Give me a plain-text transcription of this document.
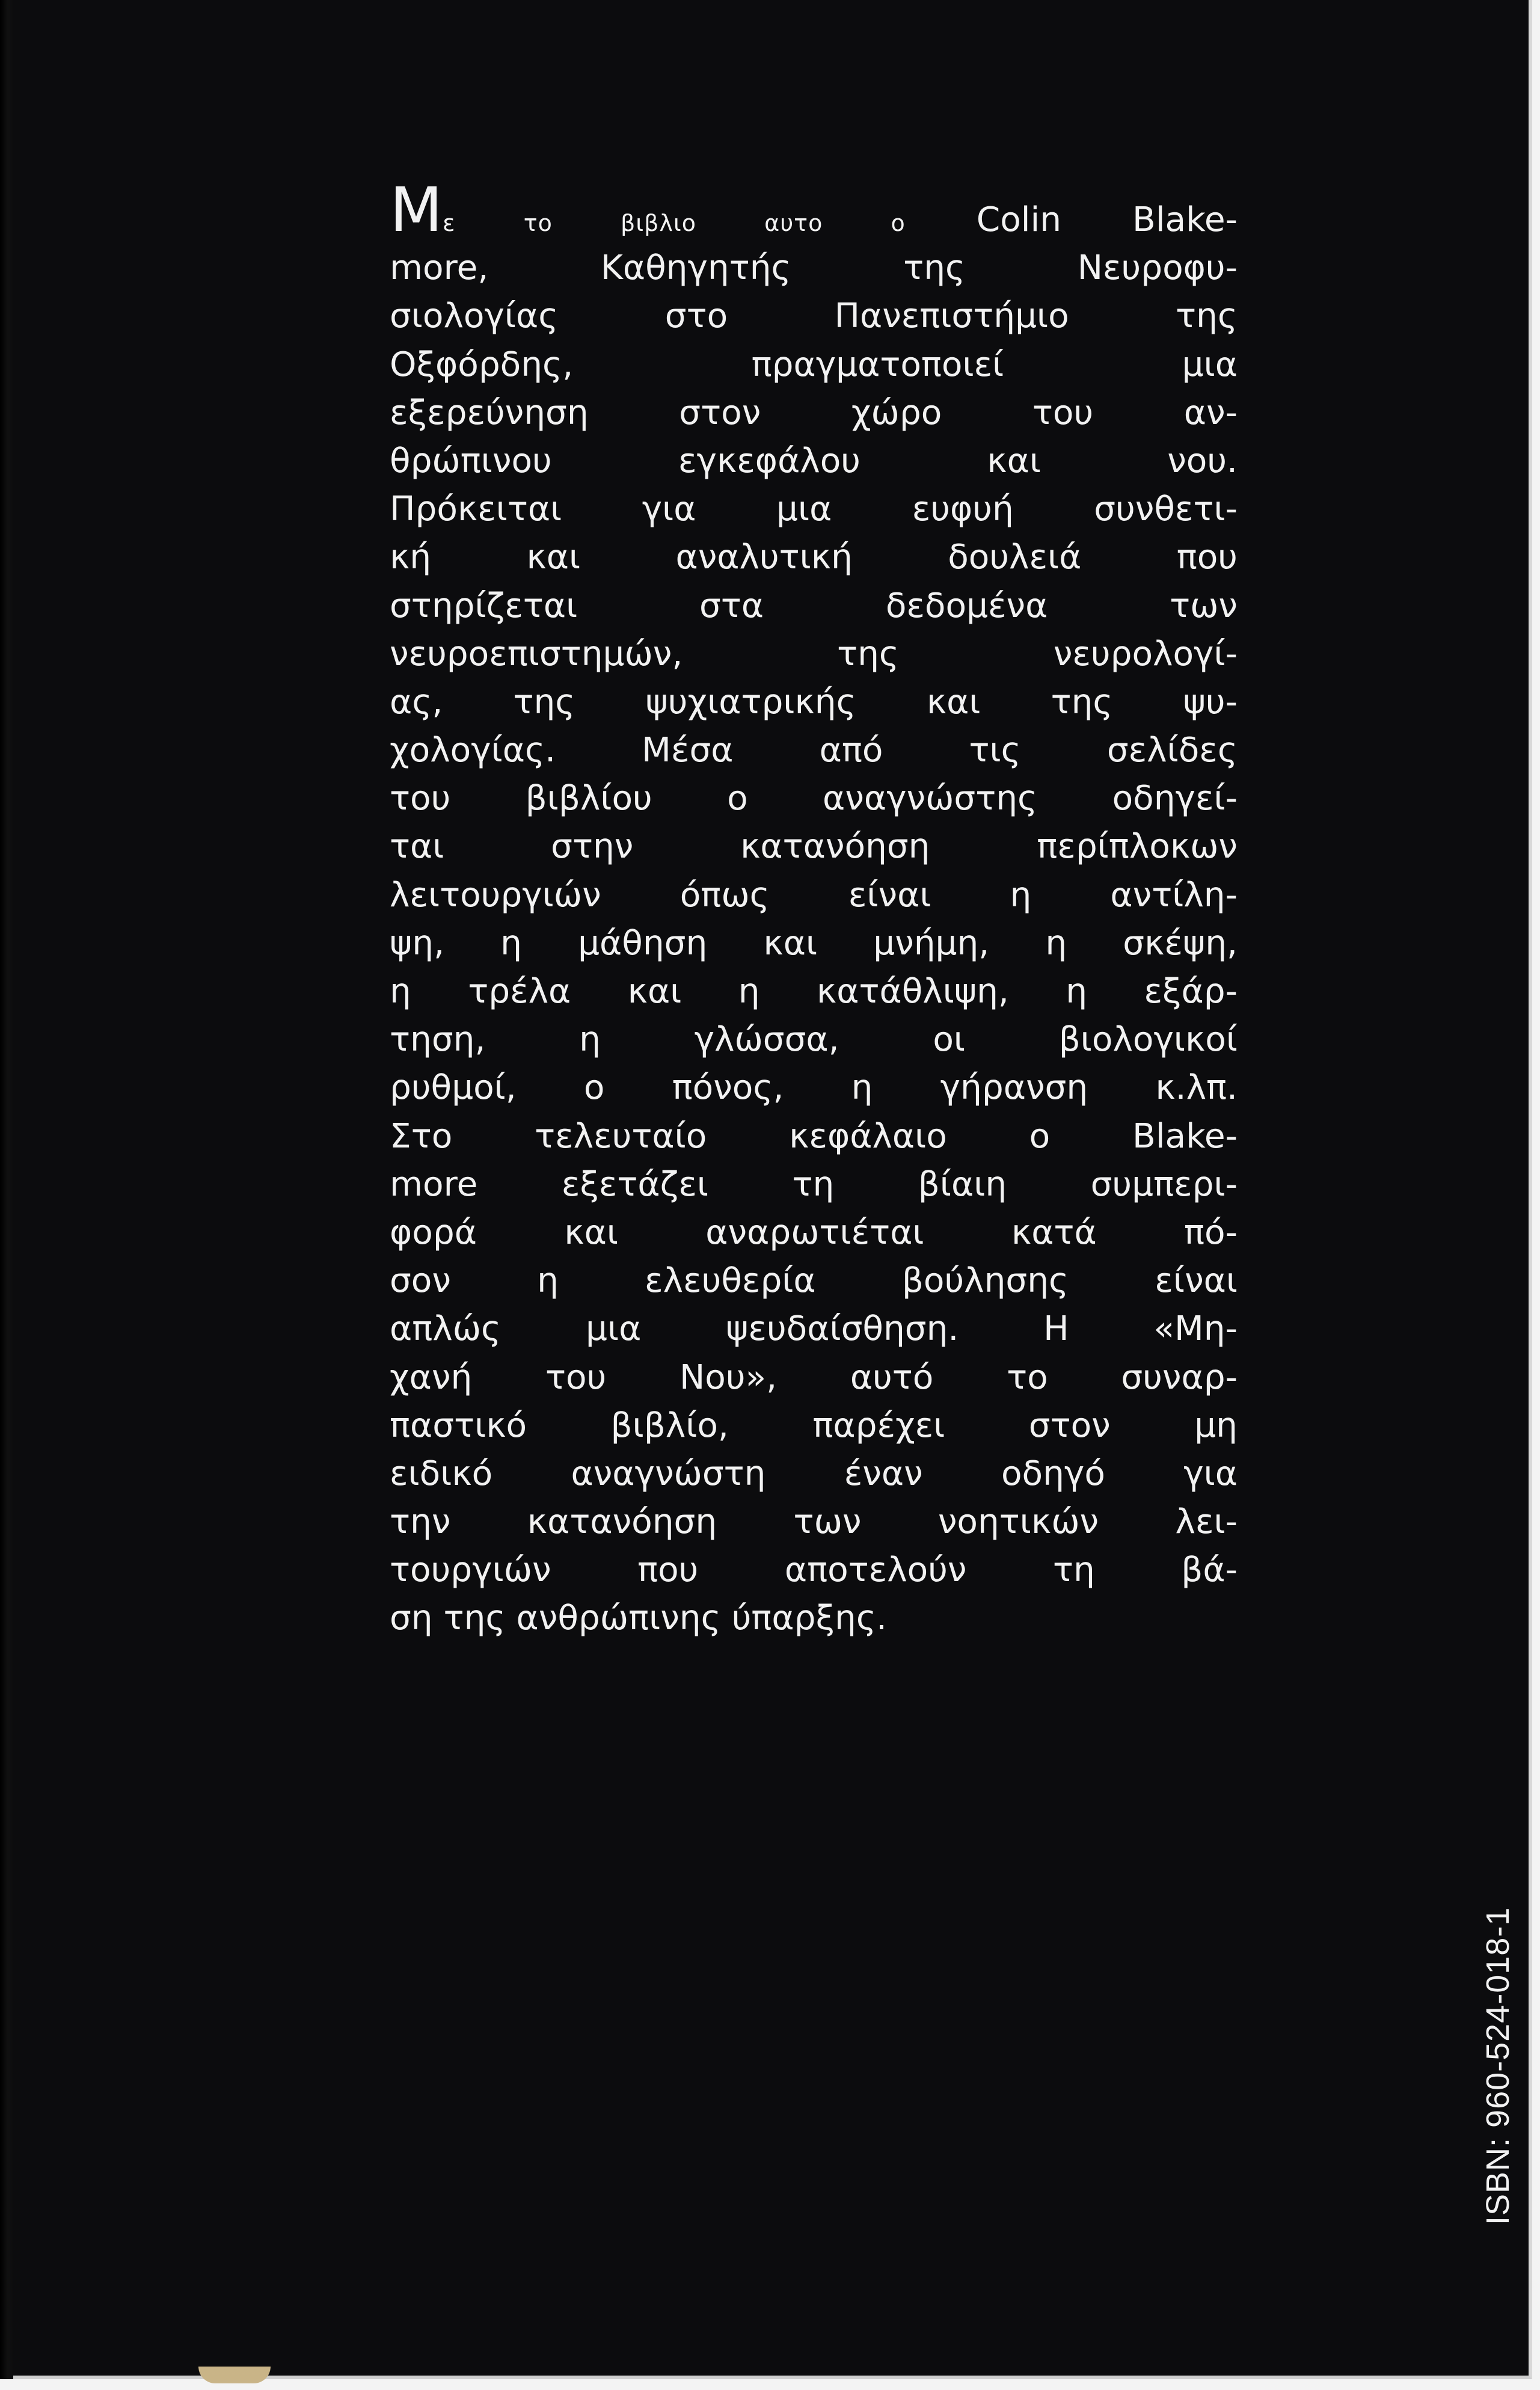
Με το βιβλιο αυτο ο Colin Blake-
more, Καθηγητής της Νευροφυ-
σιολογίας στο Πανεπιστήμιο της
Οξφόρδης, πραγματοποιεί μια
εξερεύνηση στον χώρο του αν-
θρώπινου εγκεφάλου και νου.
Πρόκειται για μια ευφυή συνθετι-
κή και αναλυτική δουλειά που
στηρίζεται στα δεδομένα των
νευροεπιστημών, της νευρολογί-
ας, της ψυχιατρικής και της ψυ-
χολογίας. Μέσα από τις σελίδες
του βιβλίου ο αναγνώστης οδηγεί-
ται στην κατανόηση περίπλοκων
λειτουργιών όπως είναι η αντίλη-
ψη, η μάθηση και μνήμη, η σκέψη,
η τρέλα και η κατάθλιψη, η εξάρ-
τηση, η γλώσσα, οι βιολογικοί
ρυθμοί, ο πόνος, η γήρανση κ.λπ.
Στο τελευταίο κεφάλαιο ο Blake-
more εξετάζει τη βίαιη συμπερι-
φορά και αναρωτιέται κατά πό-
σον η ελευθερία βούλησης είναι
απλώς μια ψευδαίσθηση. Η «Μη-
χανή του Νου», αυτό το συναρ-
παστικό βιβλίο, παρέχει στον μη
ειδικό αναγνώστη έναν οδηγό για
την κατανόηση των νοητικών λει-
τουργιών που αποτελούν τη βά-
ση της ανθρώπινης ύπαρξης.
ISBN: 960-524-018-1
